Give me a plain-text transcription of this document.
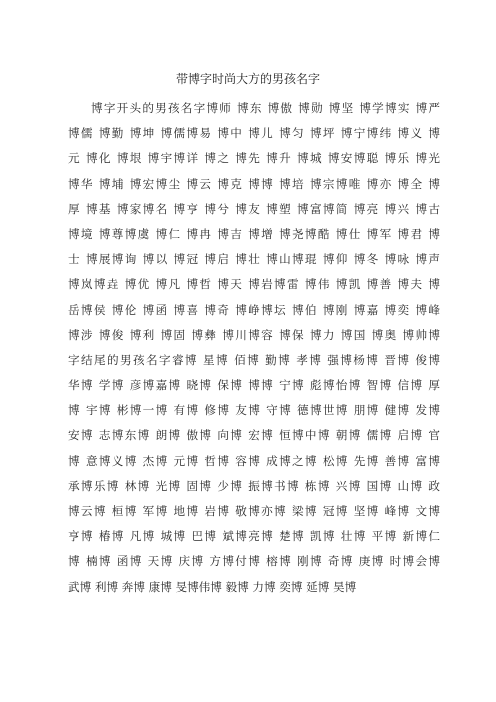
带博字时尚大方的男孩名字
博字开头的男孩名字博师 博东 博傲 博勋 博坚 博学博实 博严
博儒 博勤 博坤 博儒博易 博中 博儿 博匀 博坪 博宁博纬 博义 博
元 博化 博垠 博宇博详 博之 博先 博升 博城 博安博聪 博乐 博光
博华 博埔 博宏博尘 博云 博克 博博 博培 博宗博唯 博亦 博全 博
厚 博基 博家博名 博亨 博兮 博友 博塑 博富博简 博亮 博兴 博古
博境 博尊博虞 博仁 博冉 博吉 博增 博尧博酷 博仕 博军 博君 博
士 博展博询 博以 博冠 博启 博壮 博山博琨 博仰 博冬 博咏 博声
博岚博垚 博优 博凡 博哲 博天 博岩博雷 博伟 博凯 博善 博夫 博
岳博侯 博伦 博函 博喜 博奇 博峥博坛 博伯 博刚 博嘉 博奕 博峰
博涉 博俊 博利 博固 博彝 博川博容 博保 博力 博国 博奥 博帅博
字结尾的男孩名字睿博 星博 佰博 勤博 孝博 强博杨博 晋博 俊博
华博 学博 彦博嘉博 晓博 保博 博博 宁博 彪博怡博 智博 信博 厚
博 宇博 彬博一博 有博 修博 友博 守博 德博世博 朋博 健博 发博
安博 志博东博 朗博 傲博 向博 宏博 恒博中博 朝博 儒博 启博 官
博 意博义博 杰博 元博 哲博 容博 成博之博 松博 先博 善博 富博
承博乐博 林博 光博 固博 少博 振博书博 栋博 兴博 国博 山博 政
博云博 桓博 军博 地博 岩博 敬博亦博 梁博 冠博 坚博 峰博 文博
亨博 椿博 凡博 城博 巴博 斌博亮博 楚博 凯博 壮博 平博 新博仁
博 楠博 函博 天博 庆博 方博付博 榕博 刚博 奇博 庚博 时博会博
武博 利博 奔博 康博 旻博伟博 毅博 力博 奕博 延博 昊博
